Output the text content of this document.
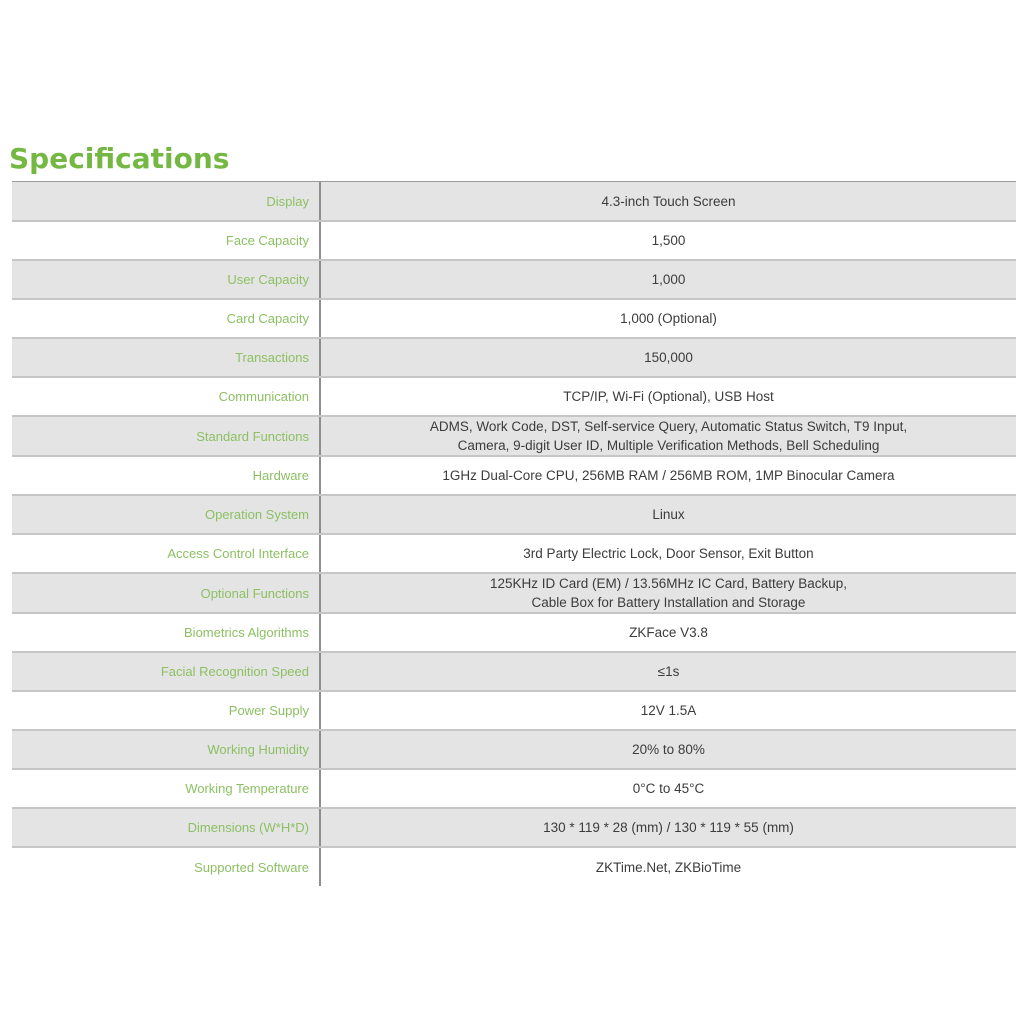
Specifications
Display	4.3-inch Touch Screen
Face Capacity	1,500
User Capacity	1,000
Card Capacity	1,000 (Optional)
Transactions	150,000
Communication	TCP/IP, Wi-Fi (Optional), USB Host
Standard Functions	ADMS, Work Code, DST, Self-service Query, Automatic Status Switch, T9 Input,
Camera, 9-digit User ID, Multiple Verification Methods, Bell Scheduling

Hardware	1GHz Dual-Core CPU, 256MB RAM / 256MB ROM, 1MP Binocular Camera
Operation System	Linux
Access Control Interface	3rd Party Electric Lock, Door Sensor, Exit Button
Optional Functions	125KHz ID Card (EM) / 13.56MHz IC Card, Battery Backup,
Cable Box for Battery Installation and Storage

Biometrics Algorithms	ZKFace V3.8
Facial Recognition Speed	≤1s
Power Supply	12V 1.5A
Working Humidity	20% to 80%
Working Temperature	0°C to 45°C
Dimensions (W*H*D)	130 * 119 * 28 (mm) / 130 * 119 * 55 (mm)
Supported Software	ZKTime.Net, ZKBioTime
